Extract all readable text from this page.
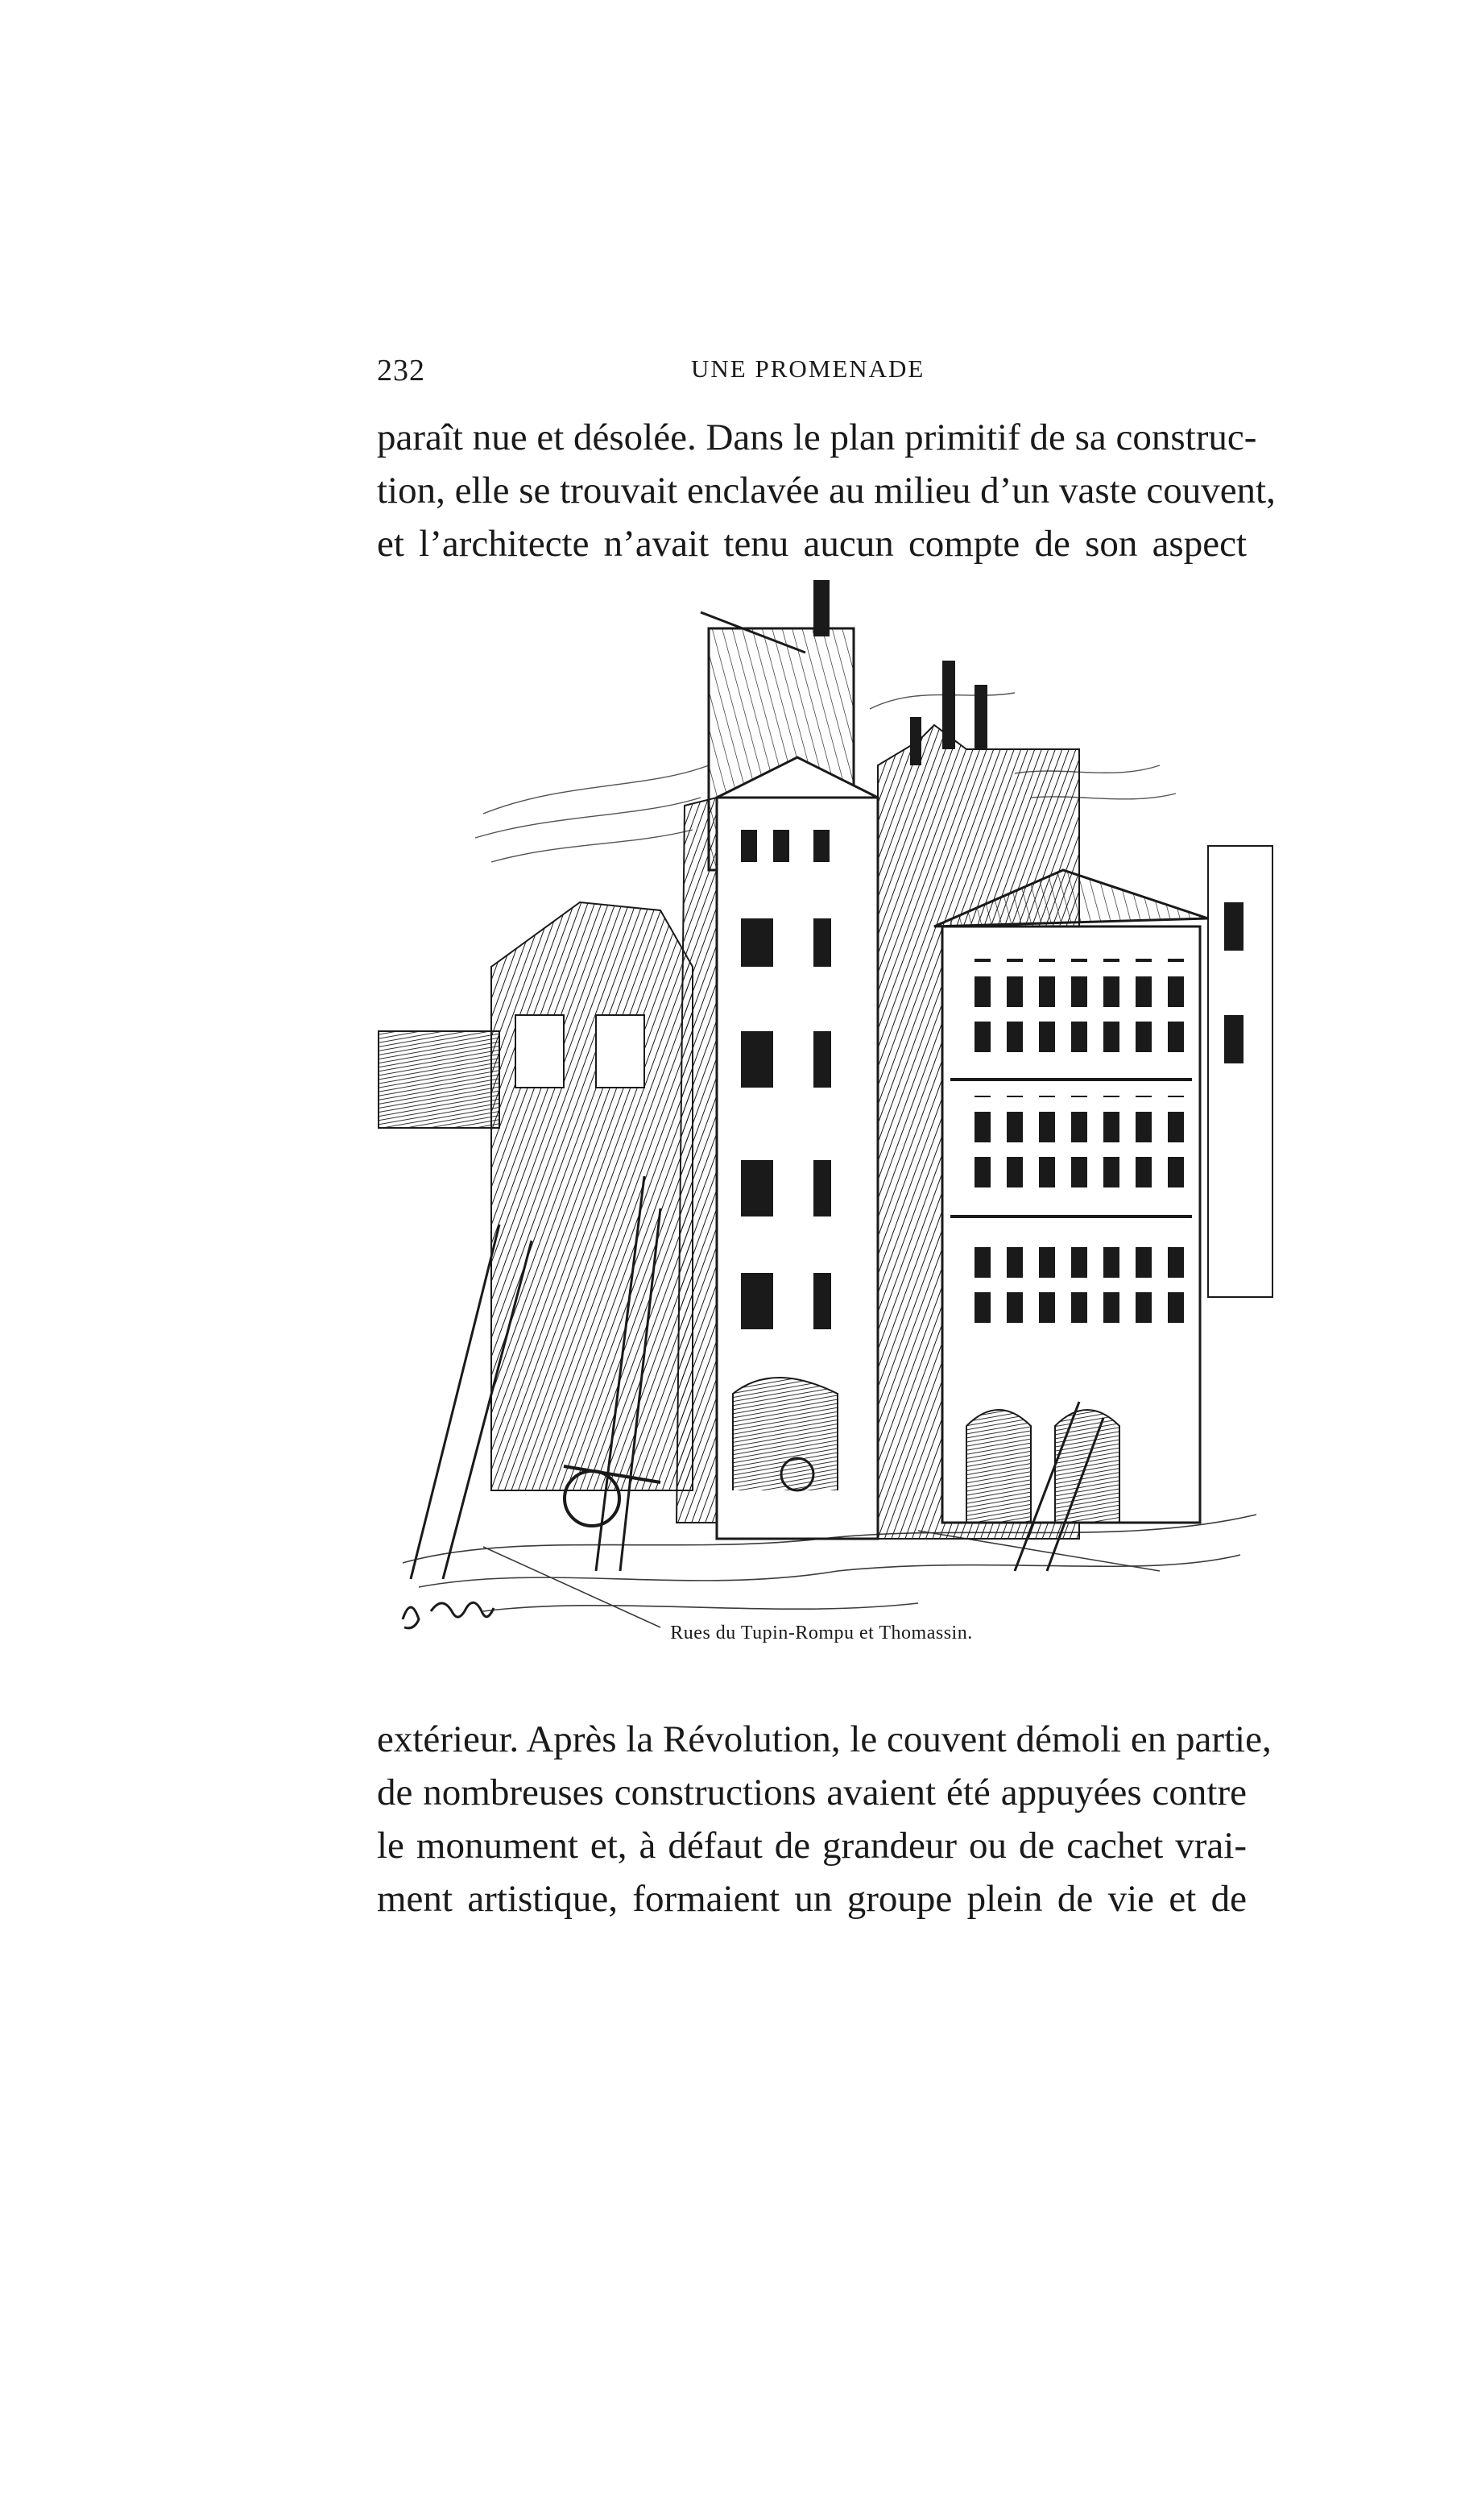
232	UNE PROMENADE
paraît nue et désolée. Dans le plan primitif de sa construc-
tion, elle se trouvait enclavée au milieu d’un vaste couvent,
et l’architecte n’avait tenu aucun compte de son aspect
Rues du Tupin-Rompu et Thomassin.
extérieur. Après la Révolution, le couvent démoli en partie,
de nombreuses constructions avaient été appuyées contre
le monument et, à défaut de grandeur ou de cachet vrai-
ment artistique, formaient un groupe plein de vie et de
